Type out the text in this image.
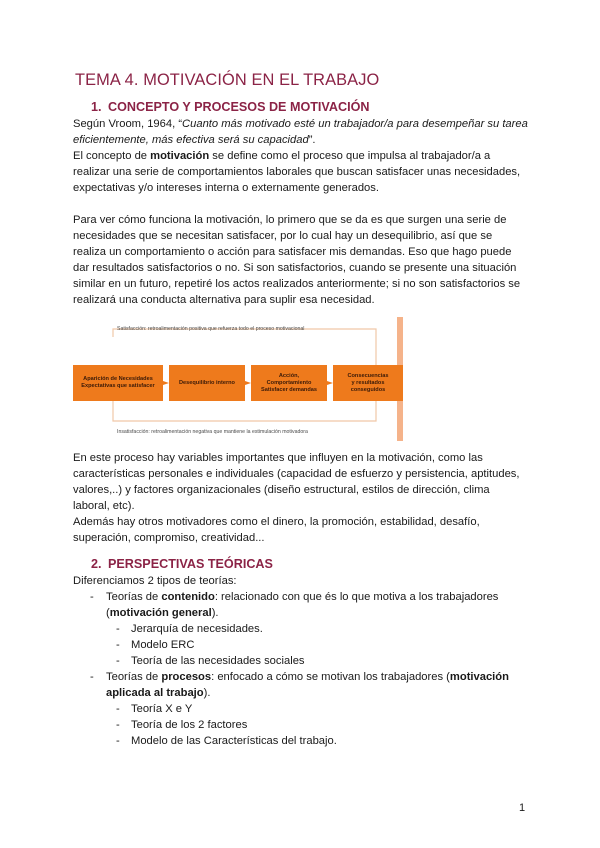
TEMA 4. MOTIVACIÓN EN EL TRABAJO
1. CONCEPTO Y PROCESOS DE MOTIVACIÓN

Según Vroom, 1964, “Cuanto más motivado esté un trabajador/a para desempeñar su tarea eficientemente, más efectiva será su capacidad”.

El concepto de motivación se define como el proceso que impulsa al trabajador/a a realizar una serie de comportamientos laborales que buscan satisfacer unas necesidades, expectativas y/o intereses interna o externamente generados.

Para ver cómo funciona la motivación, lo primero que se da es que surgen una serie de necesidades que se necesitan satisfacer, por lo cual hay un desequilibrio, así que se realiza un comportamiento o acción para satisfacer mis demandas. Eso que hago puede dar resultados satisfactorios o no. Si son satisfactorios, cuando se presente una situación similar en un futuro, repetiré los actos realizados anteriormente; si no son satisfactorios se realizará una conducta alternativa para suplir esa necesidad.

Satisfacción: retroalimentación positiva que refuerza todo el proceso motivacional
Insatisfacción: retroalimentación negativa que mantiene la estimulación motivadora
Aparición de Necesidades
Expectativas que satisfacer
Desequilibrio interno
Acción,
Comportamiento
Satisfacer demandas
Consecuencias
y resultados
conseguidos

En este proceso hay variables importantes que influyen en la motivación, como las características personales e individuales (capacidad de esfuerzo y persistencia, aptitudes, valores,..) y factores organizacionales (diseño estructural, estilos de dirección, clima laboral, etc).

Además hay otros motivadores como el dinero, la promoción, estabilidad, desafío, superación, compromiso, creatividad...

2. PERSPECTIVAS TEÓRICAS

Diferenciamos 2 tipos de teorías:

- Teorías de contenido: relacionado con que és lo que motiva a los trabajadores (motivación general).
- Jerarquía de necesidades.
- Modelo ERC
- Teoría de las necesidades sociales
- Teorías de procesos: enfocado a cómo se motivan los trabajadores (motivación aplicada al trabajo).
- Teoría X e Y
- Teoría de los 2 factores
- Modelo de las Características del trabajo.
1
